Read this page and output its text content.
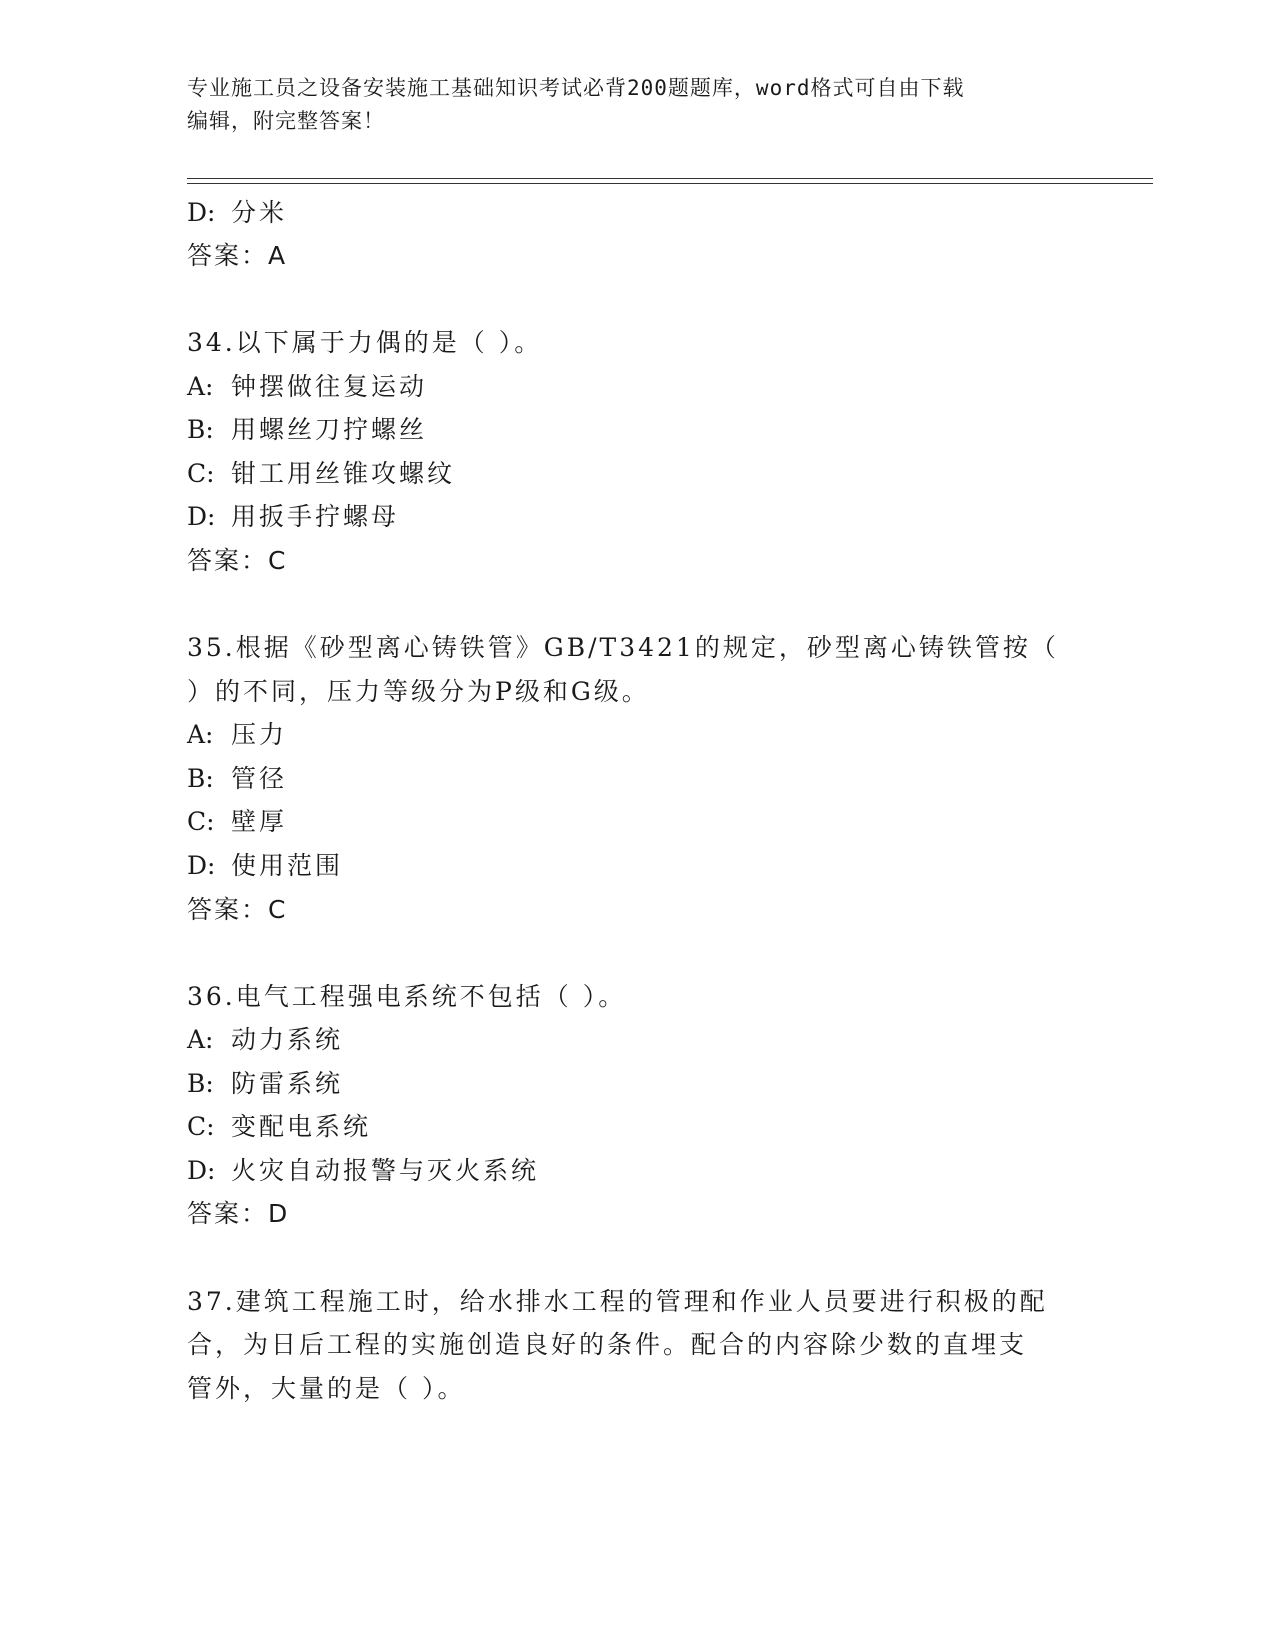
专业施工员之设备安装施工基础知识考试必背200题题库，word格式可自由下载
编辑，附完整答案！
D: 分米
答案：A
34.以下属于力偶的是（ ）。
A: 钟摆做往复运动
B: 用螺丝刀拧螺丝
C: 钳工用丝锥攻螺纹
D: 用扳手拧螺母
答案：C
35.根据《砂型离心铸铁管》GB/T3421的规定，砂型离心铸铁管按（
）的不同，压力等级分为P级和G级。
A: 压力
B: 管径
C: 壁厚
D: 使用范围
答案：C
36.电气工程强电系统不包括（ ）。
A: 动力系统
B: 防雷系统
C: 变配电系统
D: 火灾自动报警与灭火系统
答案：D
37.建筑工程施工时，给水排水工程的管理和作业人员要进行积极的配
合，为日后工程的实施创造良好的条件。配合的内容除少数的直埋支
管外，大量的是（ ）。
